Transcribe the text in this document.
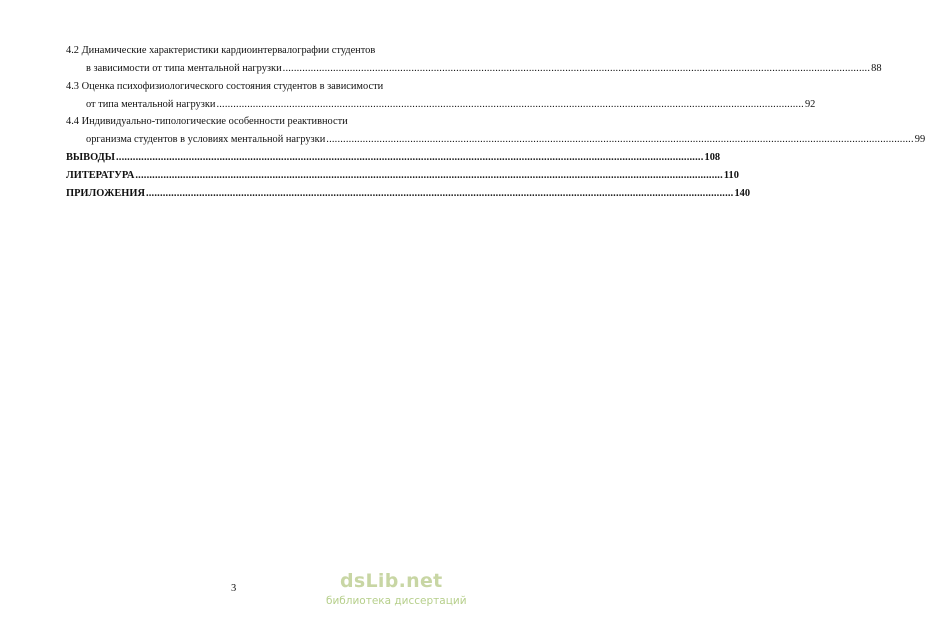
4.2 Динамические характеристики кардиоинтервалографии студентов
в зависимости от типа ментальной нагрузки .....	88
4.3 Оценка психофизиологического состояния студентов в зависимости
от типа ментальной нагрузки .....	92
4.4 Индивидуально-типологические особенности реактивности
организма студентов в условиях ментальной нагрузки .....	99
ВЫВОДЫ .....	108
ЛИТЕРАТУРА .....	110
ПРИЛОЖЕНИЯ .....	140
3	dsLib.net
библиотека диссертаций
